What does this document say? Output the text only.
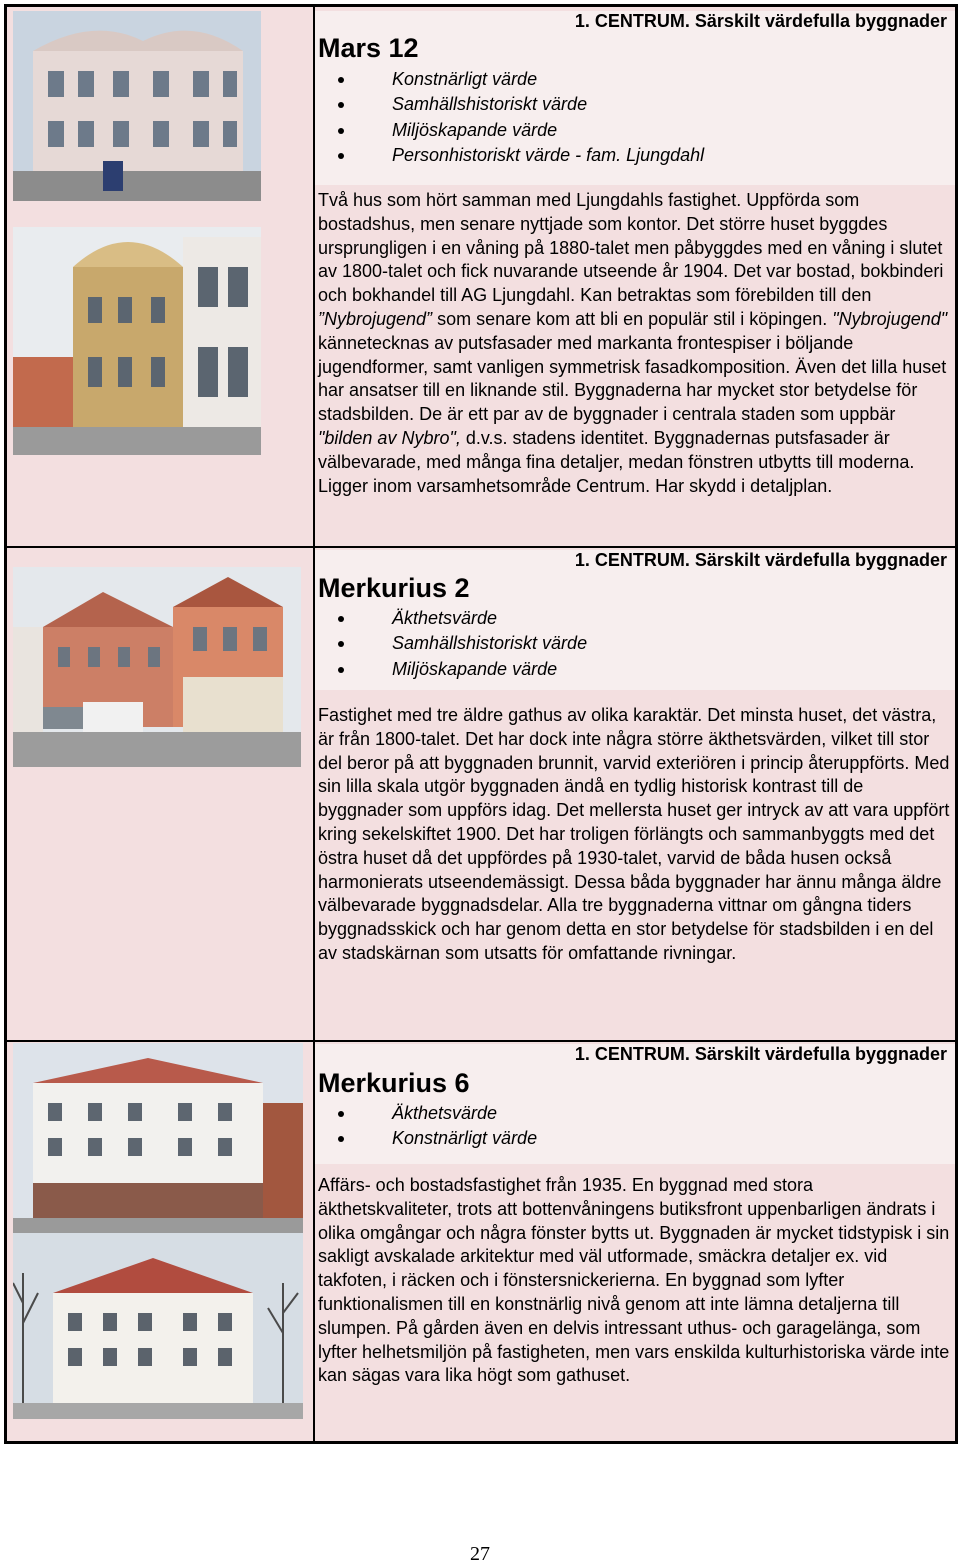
1. CENTRUM. Särskilt värdefulla byggnader
Mars 12
Konstnärligt värde
Samhällshistoriskt värde
Miljöskapande värde
Personhistoriskt värde - fam. Ljungdahl

Två hus som hört samman med Ljungdahls fastighet. Uppförda som bostadshus, men senare nyttjade som kontor. Det större huset byggdes ursprungligen i en våning på 1880-talet men påbyggdes med en våning i slutet av 1800-talet och fick nuvarande utseende år 1904. Det var bostad, bokbinderi och bokhandel till AG Ljungdahl. Kan betraktas som förebilden till den ”Nybrojugend” som senare kom att bli en populär stil i köpingen. "Nybrojugend" kännetecknas av putsfasader med markanta frontespiser i böljande jugendformer, samt vanligen symmetrisk fasadkomposition. Även det lilla huset har ansatser till en liknande stil. Byggnaderna har mycket stor betydelse för stadsbilden. De är ett par av de byggnader i centrala staden som uppbär "bilden av Nybro", d.v.s. stadens identitet. Byggnadernas putsfasader är välbevarade, med många fina detaljer, medan fönstren utbytts till moderna. Ligger inom varsamhetsområde Centrum. Har skydd i detaljplan.

1. CENTRUM. Särskilt värdefulla byggnader
Merkurius 2
Äkthetsvärde
Samhällshistoriskt värde
Miljöskapande värde

Fastighet med tre äldre gathus av olika karaktär. Det minsta huset, det västra, är från 1800-talet. Det har dock inte några större äkthetsvärden, vilket till stor del beror på att byggnaden brunnit, varvid exteriören i princip återuppförts. Med sin lilla skala utgör byggnaden ändå en tydlig historisk kontrast till de byggnader som uppförs idag. Det mellersta huset ger intryck av att vara uppfört kring sekelskiftet 1900. Det har troligen förlängts och sammanbyggts med det östra huset då det uppfördes på 1930-talet, varvid de båda husen också harmonierats utseendemässigt. Dessa båda byggnader har ännu många äldre välbevarade byggnadsdelar. Alla tre byggnaderna vittnar om gångna tiders byggnadsskick och har genom detta en stor betydelse för stadsbilden i en del av stadskärnan som utsatts för omfattande rivningar.

1. CENTRUM. Särskilt värdefulla byggnader
Merkurius 6
Äkthetsvärde
Konstnärligt värde

Affärs- och bostadsfastighet från 1935. En byggnad med stora äkthetskvaliteter, trots att bottenvåningens butiksfront uppenbarligen ändrats i olika omgångar och några fönster bytts ut. Byggnaden är mycket tidstypisk i sin sakligt avskalade arkitektur med väl utformade, smäckra detaljer ex. vid takfoten, i räcken och i fönstersnickerierna. En byggnad som lyfter funktionalismen till en konstnärlig nivå genom att inte lämna detaljerna till slumpen. På gården även en delvis intressant uthus- och garagelänga, som lyfter helhetsmiljön på fastigheten, men vars enskilda kulturhistoriska värde inte kan sägas vara lika högt som gathuset.

27
